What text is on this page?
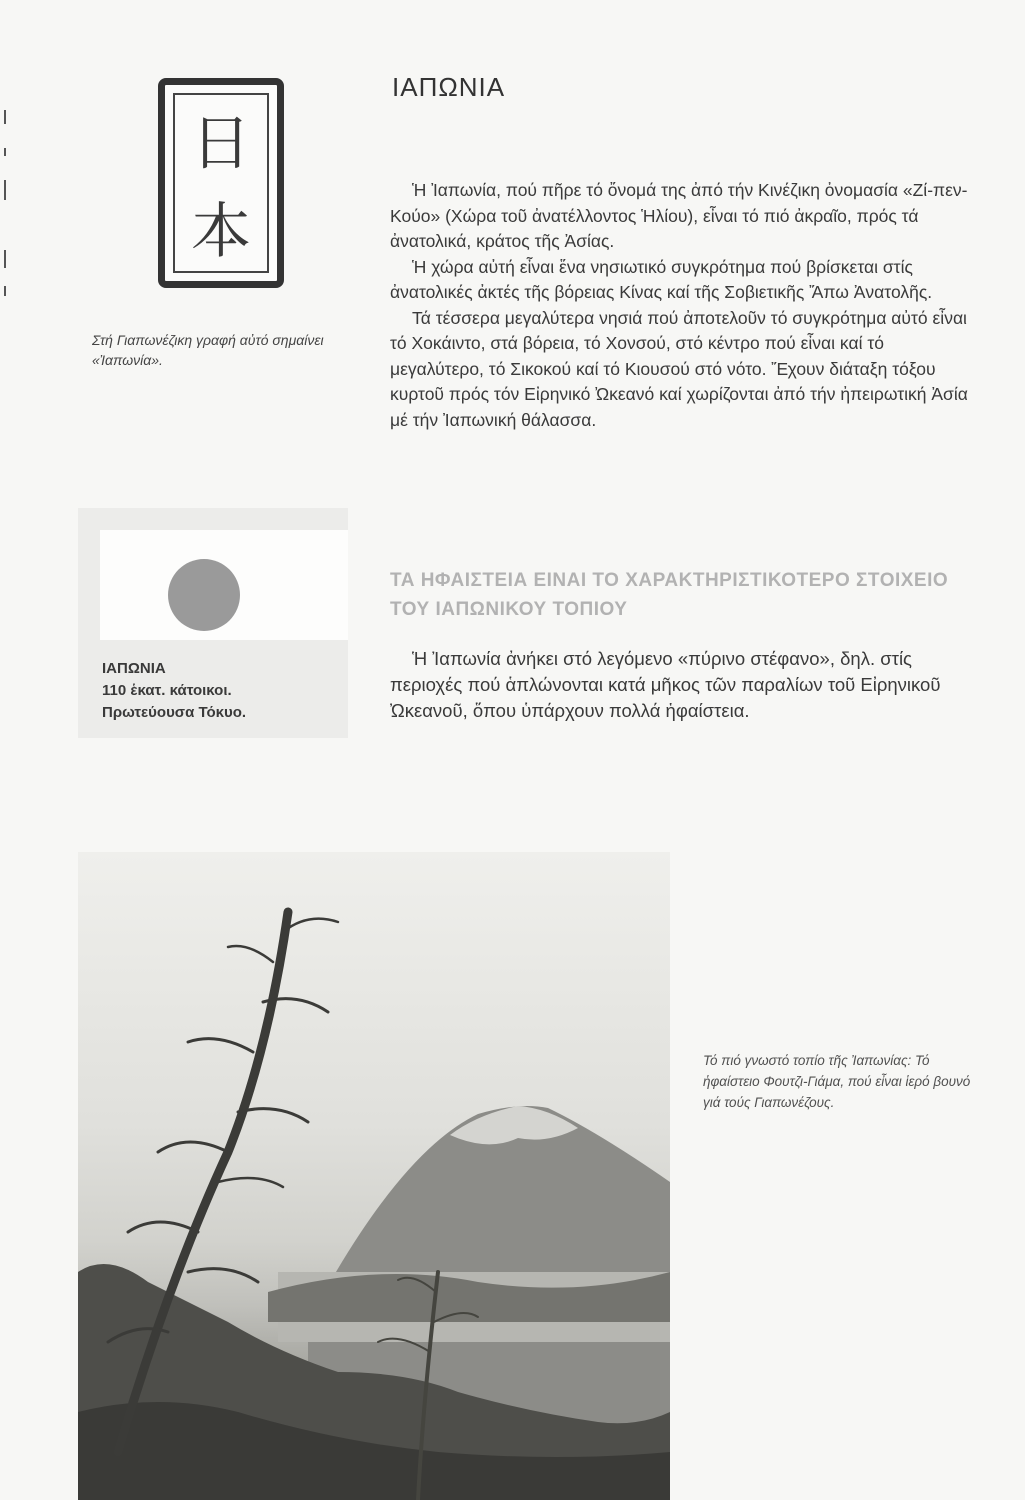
日
本
Στή Γιαπωνέζικη γραφή αὐτό σημαίνει «Ἰαπωνία».
ΙΑΠΩΝΙΑ

Ἡ Ἰαπωνία, πού πῆρε τό ὄνομά της ἀπό τήν Κινέζικη ὀνομασία «Ζί-πεν-Κούο» (Χώρα τοῦ ἀνατέλλοντος Ἡλίου), εἶναι τό πιό ἀκραῖο, πρός τά ἀνατολικά, κράτος τῆς Ἀσίας.

Ἡ χώρα αὐτή εἶναι ἕνα νησιωτικό συγκρότημα πού βρίσκεται στίς ἀνατολικές ἀκτές τῆς βόρειας Κίνας καί τῆς Σοβιετικῆς Ἄπω Ἀνατολῆς.

Τά τέσσερα μεγαλύτερα νησιά πού ἀποτελοῦν τό συγκρότημα αὐτό εἶναι τό Χοκάιντο, στά βόρεια, τό Χονσού, στό κέντρο πού εἶναι καί τό μεγαλύτερο, τό Σικοκού καί τό Κιουσού στό νότο. Ἔχουν διάταξη τόξου κυρτοῦ πρός τόν Εἰρηνικό Ὠκεανό καί χωρίζονται ἀπό τήν ἠπειρωτική Ἀσία μέ τήν Ἰαπωνική θάλασσα.

ΙΑΠΩΝΙΑ
110 ἑκατ. κάτοικοι.
Πρωτεύουσα Τόκυο.
ΤΑ ΗΦΑΙΣΤΕΙΑ ΕΙΝΑΙ ΤΟ ΧΑΡΑΚΤΗΡΙΣΤΙΚΟΤΕΡΟ ΣΤΟΙΧΕΙΟ ΤΟΥ ΙΑΠΩΝΙΚΟΥ ΤΟΠΙΟΥ

Ἡ Ἰαπωνία ἀνήκει στό λεγόμενο «πύρινο στέφανο», δηλ. στίς περιοχές πού ἁπλώνονται κατά μῆκος τῶν παραλίων τοῦ Εἰρηνικοῦ Ὠκεανοῦ, ὅπου ὑπάρχουν πολλά ἡφαίστεια.

Τό πιό γνωστό τοπίο τῆς Ἰαπωνίας: Τό ἡφαίστειο Φουτζι-Γιάμα, πού εἶναι ἱερό βουνό γιά τούς Γιαπωνέζους.
